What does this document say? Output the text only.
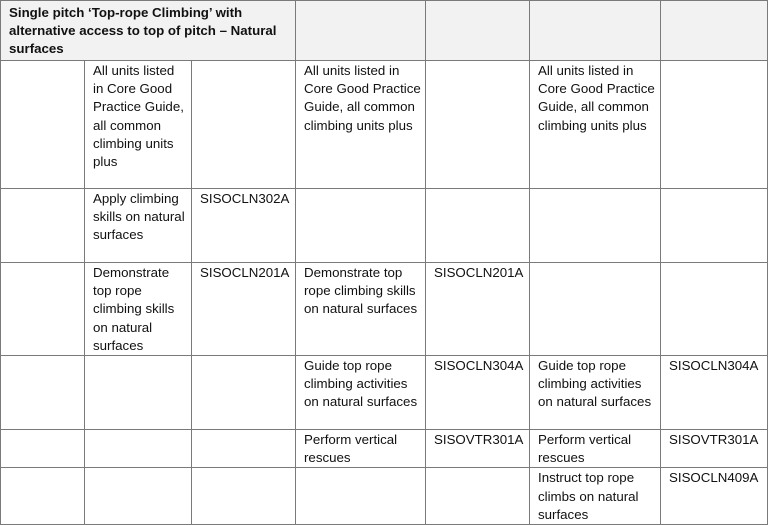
Single pitch ‘Top-rope Climbing’ with alternative access to top of pitch – Natural surfaces						
	All units listed in Core Good Practice Guide, all common climbing units plus		All units listed in Core Good Practice Guide, all common climbing units plus		All units listed in Core Good Practice Guide, all common climbing units plus	
	Apply climbing skills on natural surfaces	SISOCLN302A				
	Demonstrate top rope climbing skills on natural surfaces	SISOCLN201A	Demonstrate top rope climbing skills on natural surfaces	SISOCLN201A		
			Guide top rope climbing activities on natural surfaces	SISOCLN304A	Guide top rope climbing activities on natural surfaces	SISOCLN304A
			Perform vertical rescues	SISOVTR301A	Perform vertical rescues	SISOVTR301A
					Instruct top rope climbs on natural surfaces	SISOCLN409A
